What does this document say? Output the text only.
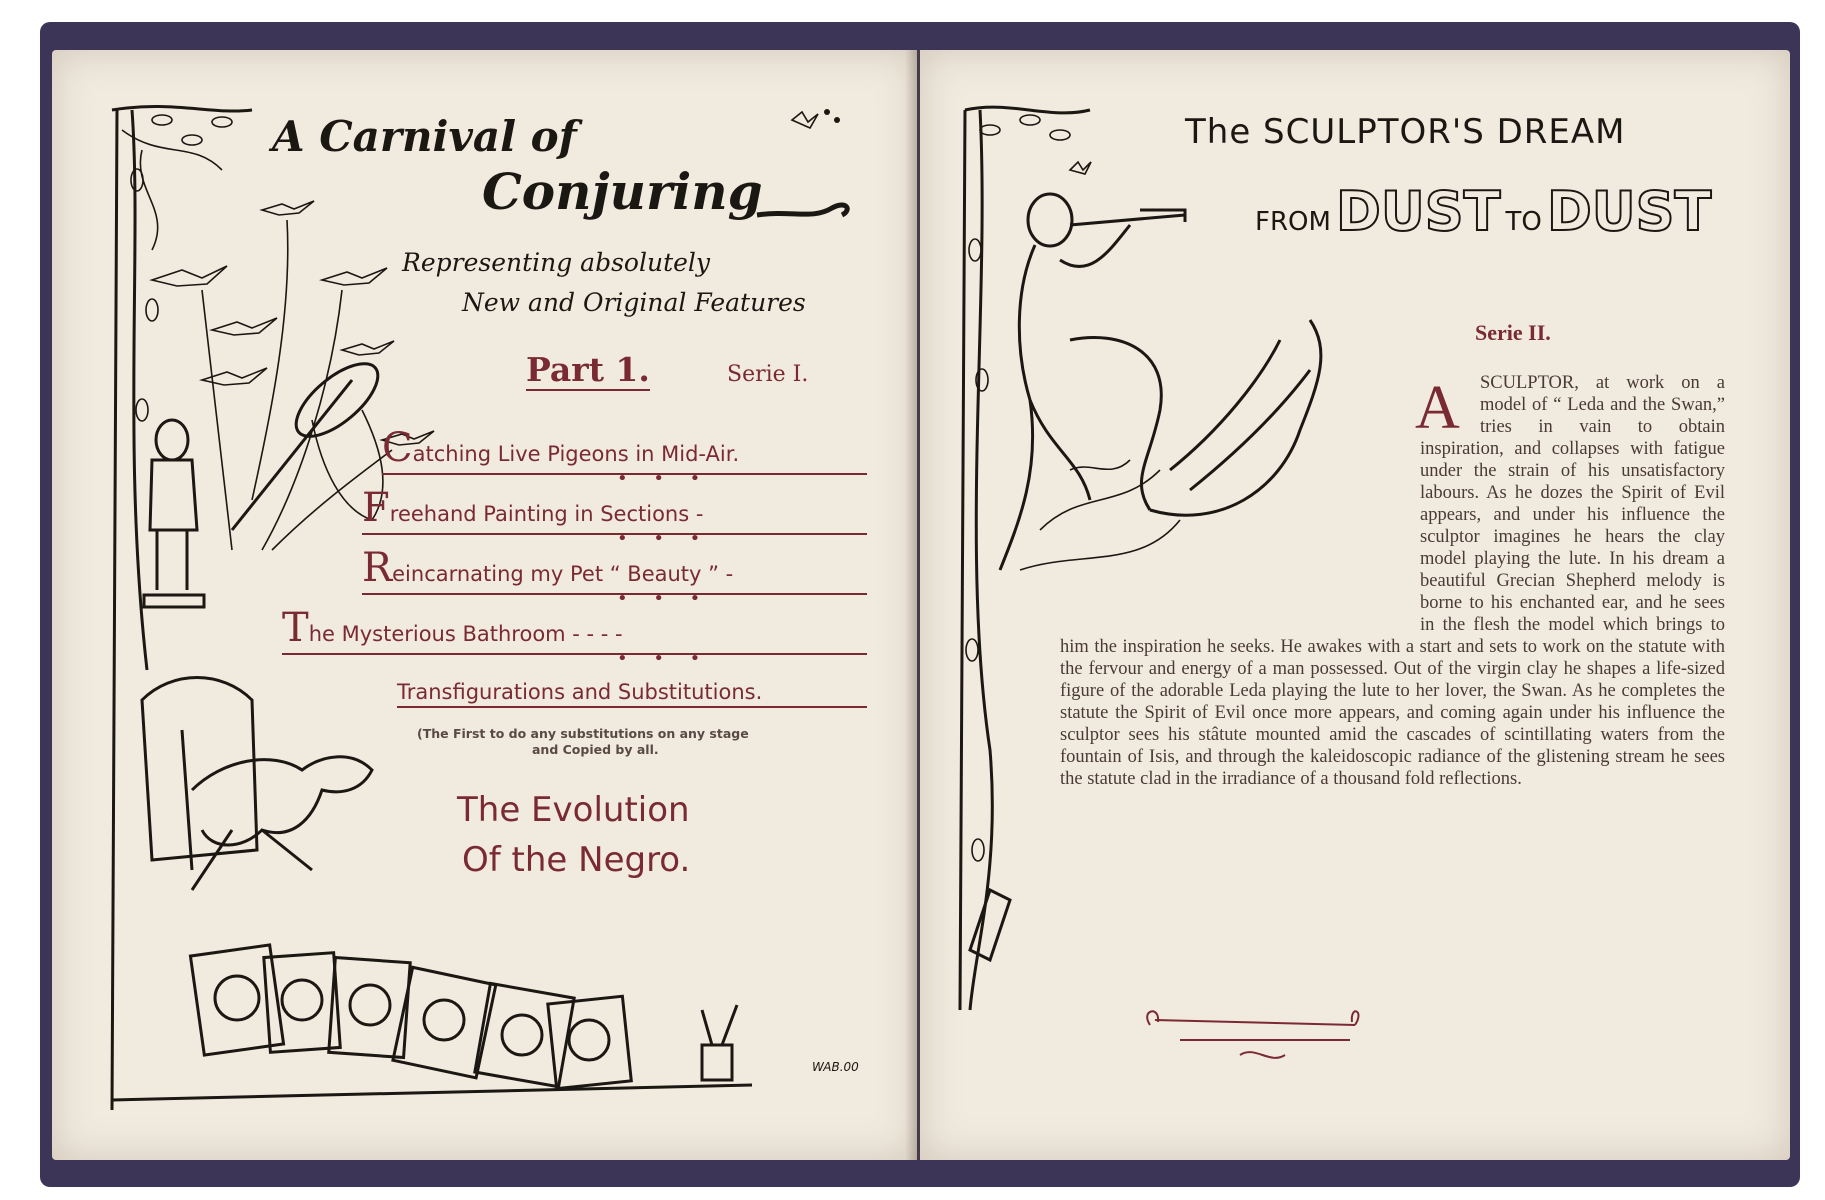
A Carnival of
Conjuring
Representing absolutely
New and Original Features
Part 1.	Serie I.
Catching Live Pigeons in Mid-Air.
• • •
Freehand Painting in Sections -
• • •
Reincarnating my Pet “ Beauty ” -
• • •
The Mysterious Bathroom - - - -
• • •
Transfigurations and Substitutions.
(The First to do any substitutions on any stage
and Copied by all.
The Evolution
Of the Negro.
WAB.00
The SCULPTOR'S DREAM
FROM DUST TO DUST
Serie II.
A	SCULPTOR, at work on a model of “ Leda and the Swan,” tries in vain to obtain inspiration, and collapses with fatigue under the strain of his unsatisfactory labours. As he dozes the Spirit of Evil appears, and under his influence the sculptor imagines he hears the clay model playing the lute. In his dream a beautiful Grecian Shepherd melody is borne to his enchanted ear, and he sees in the flesh the model which brings to him the inspiration he seeks. He awakes with a start and sets to work on the statute with the fervour and energy of a man possessed. Out of the virgin clay he shapes a life-sized figure of the adorable Leda playing the lute to her lover, the Swan. As he completes the statute the Spirit of Evil once more appears, and coming again under his influence the sculptor sees his stâtute mounted amid the cascades of scintillating waters from the fountain of Isis, and through the kaleidoscopic radiance of the glistening stream he sees the statute clad in the irradiance of a thousand fold reflections.
